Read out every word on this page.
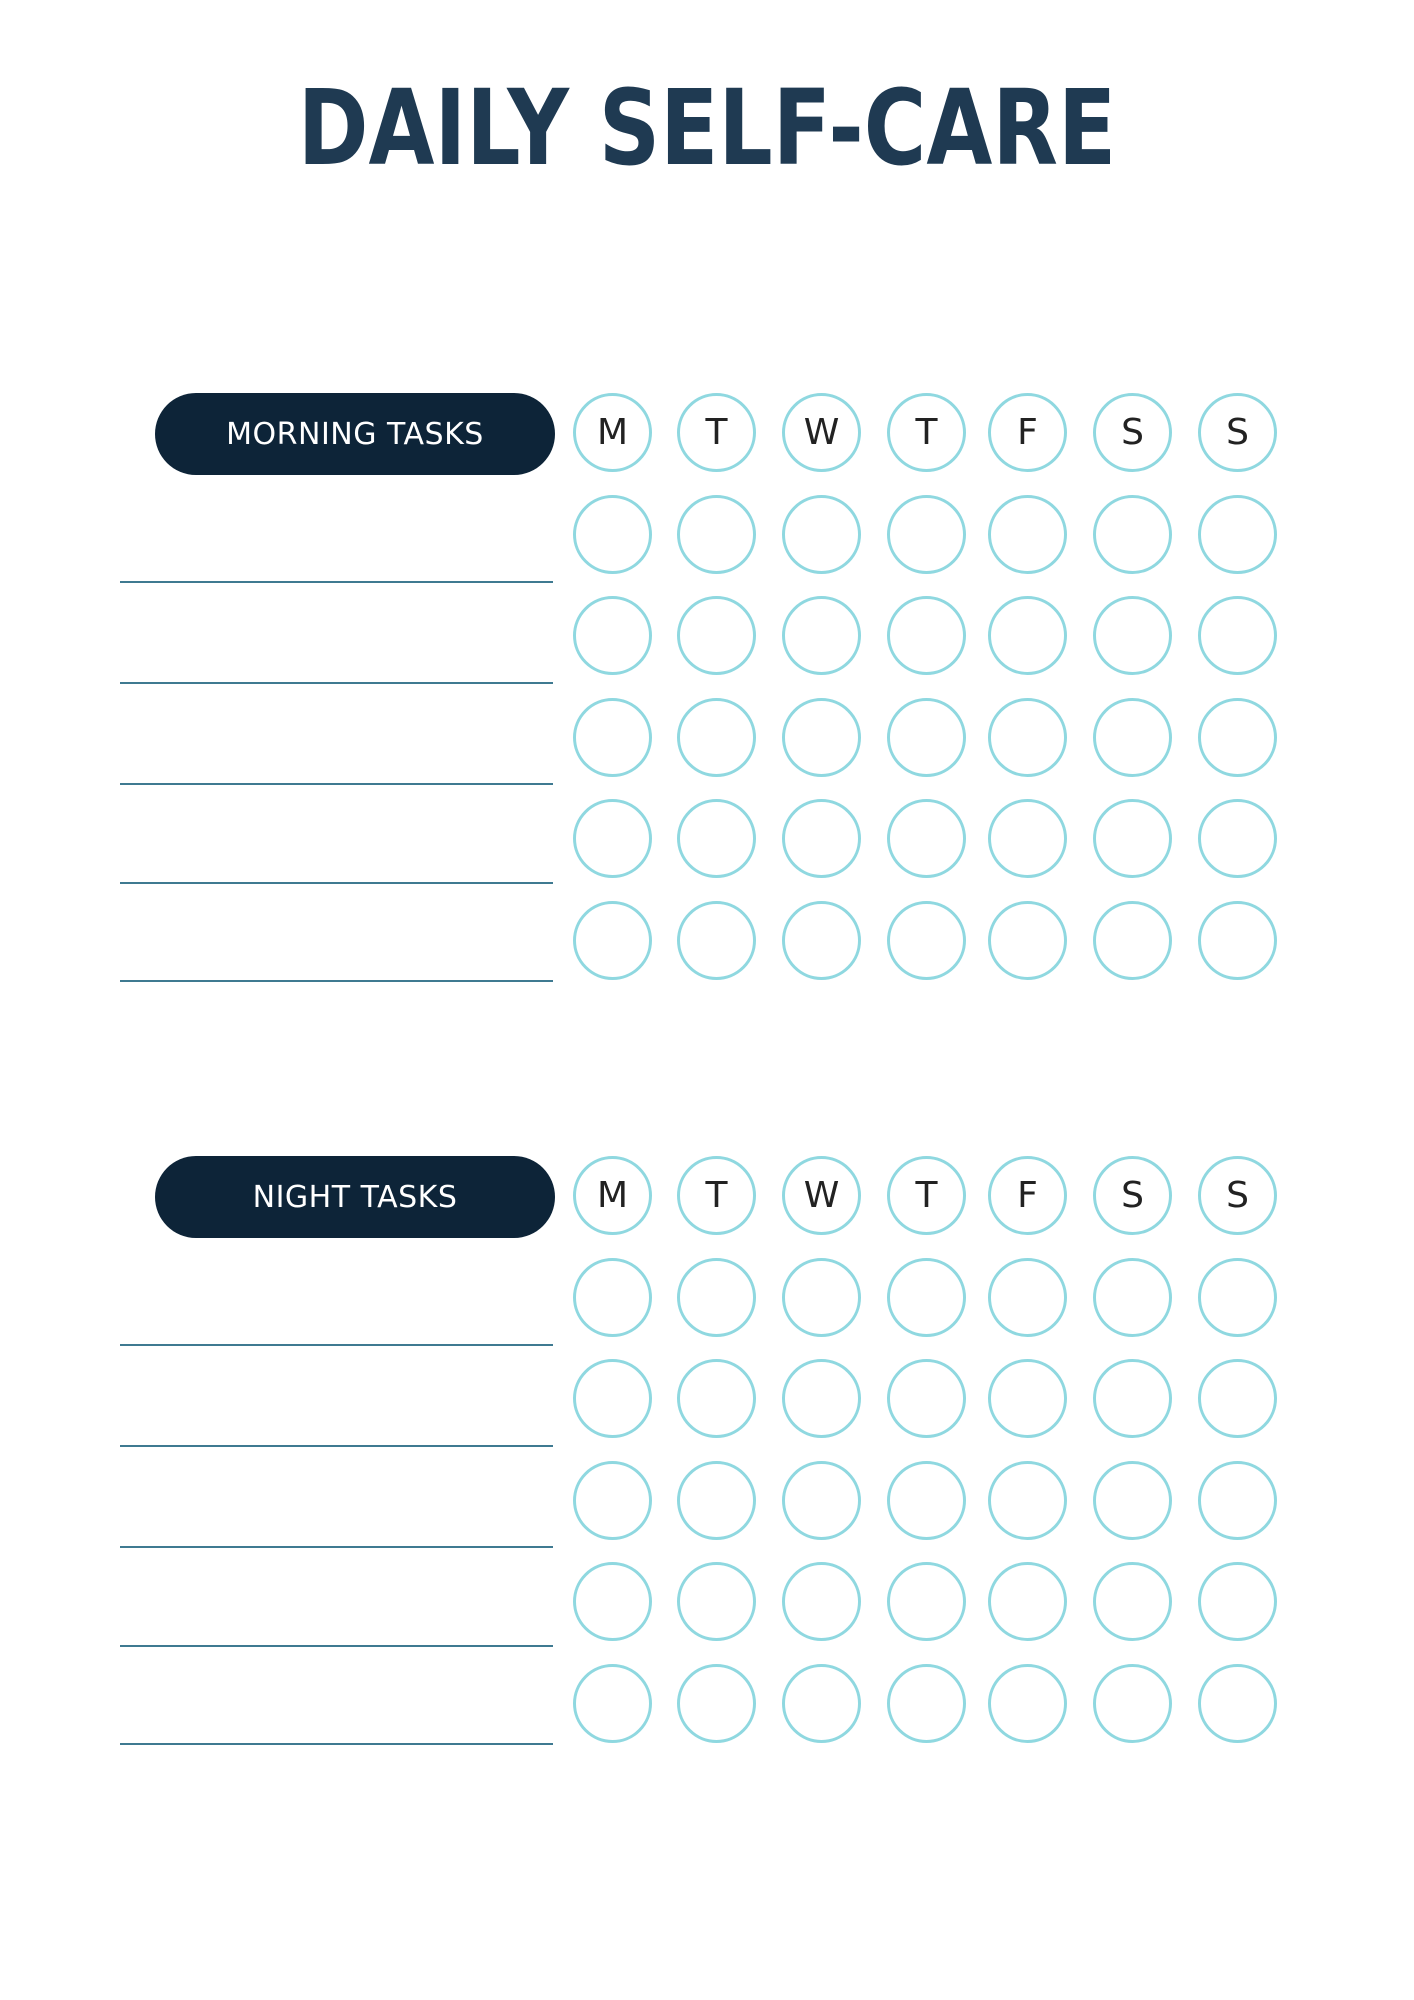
DAILY SELF-CARE
MORNING TASKS	M T W T F S S
NIGHT TASKS	M T W T F S S
